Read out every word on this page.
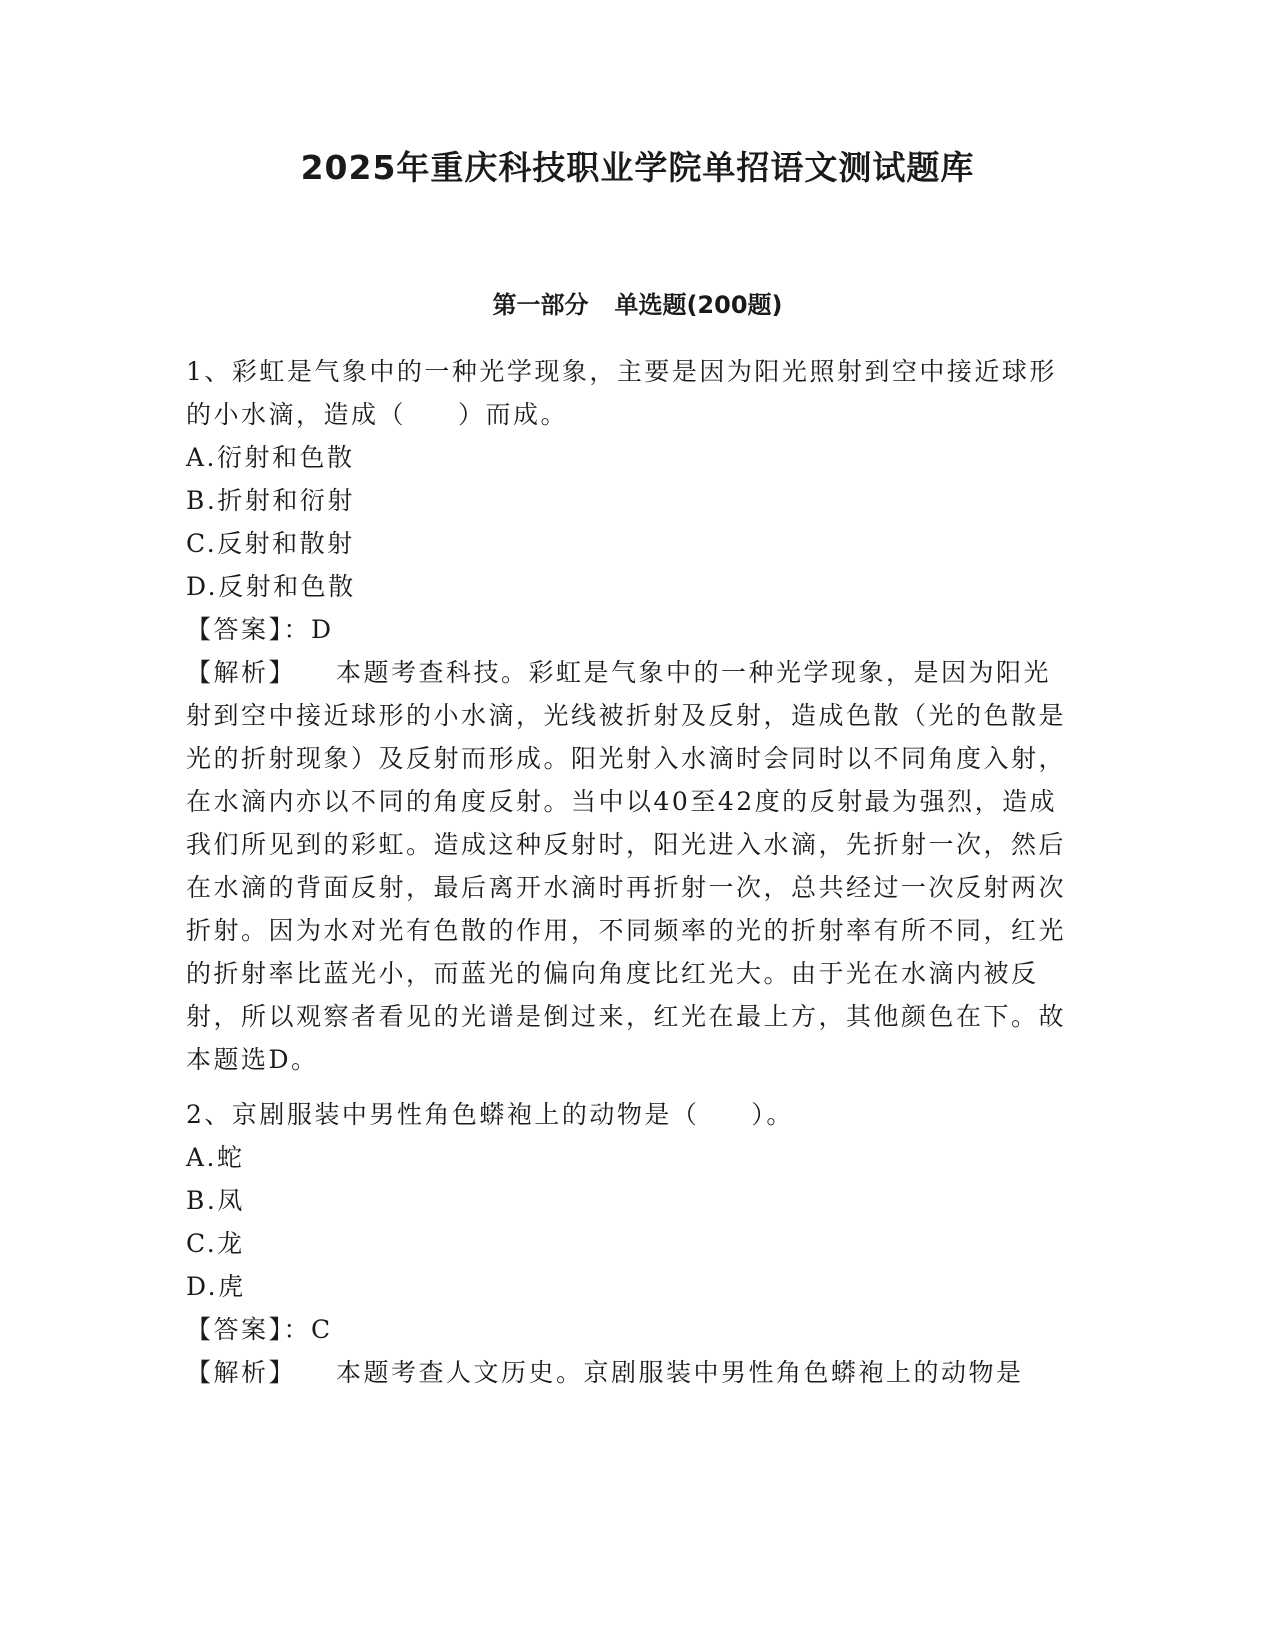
2025年重庆科技职业学院单招语文测试题库
第一部分 单选题(200题)

1、彩虹是气象中的一种光学现象，主要是因为阳光照射到空中接近球形的小水滴，造成（ ）而成。

A.衍射和色散

B.折射和衍射

C.反射和散射

D.反射和色散

【答案】：D

【解析】 本题考查科技。彩虹是气象中的一种光学现象，是因为阳光射到空中接近球形的小水滴，光线被折射及反射，造成色散（光的色散是光的折射现象）及反射而形成。阳光射入水滴时会同时以不同角度入射，在水滴内亦以不同的角度反射。当中以40至42度的反射最为强烈，造成我们所见到的彩虹。造成这种反射时，阳光进入水滴，先折射一次，然后在水滴的背面反射，最后离开水滴时再折射一次，总共经过一次反射两次折射。因为水对光有色散的作用，不同频率的光的折射率有所不同，红光的折射率比蓝光小，而蓝光的偏向角度比红光大。由于光在水滴内被反射，所以观察者看见的光谱是倒过来，红光在最上方，其他颜色在下。故本题选D。

2、京剧服装中男性角色蟒袍上的动物是（ ）。

A.蛇

B.凤

C.龙

D.虎

【答案】：C

【解析】 本题考查人文历史。京剧服装中男性角色蟒袍上的动物是
